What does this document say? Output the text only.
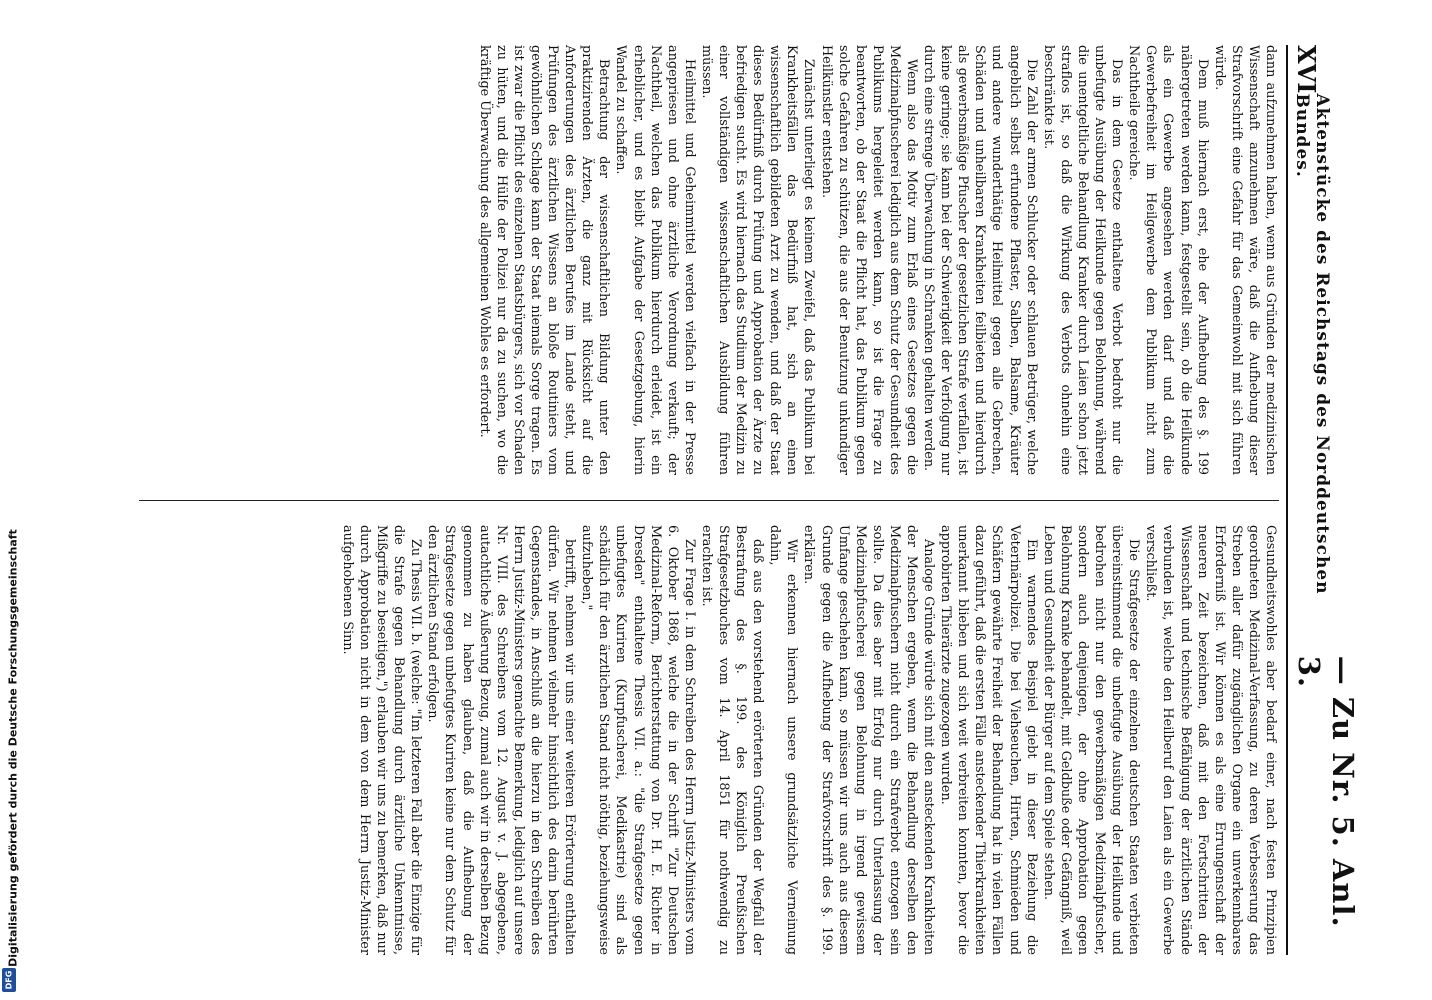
XVI
Aktenstücke des Reichstags des Norddeutschen Bundes.
— Zu Nr. 5. Anl. 3.

dann aufzunehmen haben, wenn aus Gründen der medizinischen Wissenschaft anzunehmen wäre, daß die Aufhebung dieser Strafvorschrift eine Gefahr für das Gemeinwohl mit sich führen würde.

Dem muß hiernach erst, ehe der Aufhebung des §. 199 nähergetreten werden kann, festgestellt sein, ob die Heilkunde als ein Gewerbe angesehen werden darf und daß die Gewerbefreiheit im Heilgewerbe dem Publikum nicht zum Nachtheile gereiche.

Das in dem Gesetze enthaltene Verbot bedroht nur die unbefugte Ausübung der Heilkunde gegen Belohnung, während die unentgeltliche Behandlung Kranker durch Laien schon jetzt straflos ist, so daß die Wirkung des Verbots ohnehin eine beschränkte ist.

Die Zahl der armen Schlucker oder schlauen Betrüger, welche angeblich selbst erfundene Pflaster, Salben, Balsame, Kräuter und andere wunderthätige Heilmittel gegen alle Gebrechen, Schäden und unheilbaren Krankheiten feilbieten und hierdurch als gewerbsmäßige Pfuscher der gesetzlichen Strafe verfallen, ist keine geringe; sie kann bei der Schwierigkeit der Verfolgung nur durch eine strenge Überwachung in Schranken gehalten werden.

Wenn also das Motiv zum Erlaß eines Gesetzes gegen die Medizinalpfuscherei lediglich aus dem Schutz der Gesundheit des Publikums hergeleitet werden kann, so ist die Frage zu beantworten, ob der Staat die Pflicht hat, das Publikum gegen solche Gefahren zu schützen, die aus der Benutzung unkundiger Heilkünstler entstehen.

Zunächst unterliegt es keinem Zweifel, daß das Publikum bei Krankheitsfällen das Bedürfniß hat, sich an einen wissenschaftlich gebildeten Arzt zu wenden, und daß der Staat dieses Bedürfniß durch Prüfung und Approbation der Ärzte zu befriedigen sucht. Es wird hiernach das Studium der Medizin zu einer vollständigen wissenschaftlichen Ausbildung führen müssen.

Heilmittel und Geheimmittel werden vielfach in der Presse angepriesen und ohne ärztliche Verordnung verkauft; der Nachtheil, welchen das Publikum hierdurch erleidet, ist ein erheblicher, und es bleibt Aufgabe der Gesetzgebung, hierin Wandel zu schaffen.

Betrachtung der wissenschaftlichen Bildung unter den praktizirenden Ärzten, die ganz mit Rücksicht auf die Anforderungen des ärztlichen Berufes im Lande steht, und Prüfungen des ärztlichen Wissens an bloße Routiniers vom gewöhnlichen Schlage kann der Staat niemals Sorge tragen. Es ist zwar die Pflicht des einzelnen Staatsbürgers, sich vor Schaden zu hüten, und die Hülfe der Polizei nur da zu suchen, wo die kräftige Überwachung des allgemeinen Wohles es erfordert.

Gesundheitswohles aber bedarf einer, nach festen Prinzipien geordneten Medizinal-Verfassung, zu deren Verbesserung das Streben aller dafür zugänglichen Organe ein unverkennbares Erforderniß ist. Wir können es als eine Errungenschaft der neueren Zeit bezeichnen, daß mit den Fortschritten der Wissenschaft und technische Befähigung der ärztlichen Stände verbunden ist, welche den Heilberuf den Laien als ein Gewerbe verschließt.

Die Strafgesetze der einzelnen deutschen Staaten verbieten übereinstimmend die unbefugte Ausübung der Heilkunde und bedrohen nicht nur den gewerbsmäßigen Medizinalpfuscher, sondern auch denjenigen, der ohne Approbation gegen Belohnung Kranke behandelt, mit Geldbuße oder Gefängniß, weil Leben und Gesundheit der Bürger auf dem Spiele stehen.

Ein warnendes Beispiel giebt in dieser Beziehung die Veterinärpolizei. Die bei Viehseuchen, Hirten, Schmieden und Schäfern gewährte Freiheit der Behandlung hat in vielen Fällen dazu geführt, daß die ersten Fälle ansteckender Thierkrankheiten unerkannt blieben und sich weit verbreiten konnten, bevor die approbirten Thierärzte zugezogen wurden.

Analoge Gründe würde sich mit den ansteckenden Krankheiten der Menschen ergeben, wenn die Behandlung derselben den Medizinalpfuschern nicht durch ein Strafverbot entzogen sein sollte. Da dies aber mit Erfolg nur durch Unterlassung der Medizinalpfuscherei gegen Belohnung in irgend gewissem Umfange geschehen kann, so müssen wir uns auch aus diesem Grunde gegen die Aufhebung der Strafvorschrift des §. 199. erklären.

Wir erkennen hiernach unsere grundsätzliche Verneinung dahin,

daß aus den vorstehend erörterten Gründen der Wegfall der Bestrafung des §. 199. des Königlich Preußischen Strafgesetzbuches vom 14. April 1851 für nothwendig zu erachten ist.

Zur Frage I. in dem Schreiben des Herrn Justiz-Ministers vom 6. Oktober 1868, welche die in der Schrift "Zur Deutschen Medizinal-Reform, Berichterstattung von Dr. H. E. Richter in Dresden" enthaltene Thesis VII. a.: "die Strafgesetze gegen unbefugtes Kuriren (Kurpfuscherei, Medikastrie) sind als schädlich für den ärztlichen Stand nicht nöthig, beziehungsweise aufzuheben,"

betrifft, nehmen wir uns einer weiteren Erörterung enthalten dürfen. Wir nehmen vielmehr hinsichtlich des darin berührten Gegenstandes, in Anschluß an die hierzu in den Schreiben des Herrn Justiz-Ministers gemachte Bemerkung, lediglich auf unsere Nr. VIII. des Schreibens vom 12. August v. J. abgegebene, autachtliche Äußerung Bezug, zumal auch wir in derselben Bezug genommen zu haben glauben, daß die Aufhebung der Strafgesetze gegen unbefugtes Kuriren keine nur dem Schutz für den ärztlichen Stand erfolgen.

Zu Thesis VII. b. (welche: "Im letzteren Fall aber die Einzige für die Strafe gegen Behandlung durch ärztliche Unkenntnisse, Mißgriffe zu beseitigen,") erlauben wir uns zu bemerken, daß nur durch Approbation nicht in dem von dem Herrn Justiz-Minister aufgehobenen Sinn.

Digitalisierung gefördert durch die Deutsche Forschungsgemeinschaft
DFG
